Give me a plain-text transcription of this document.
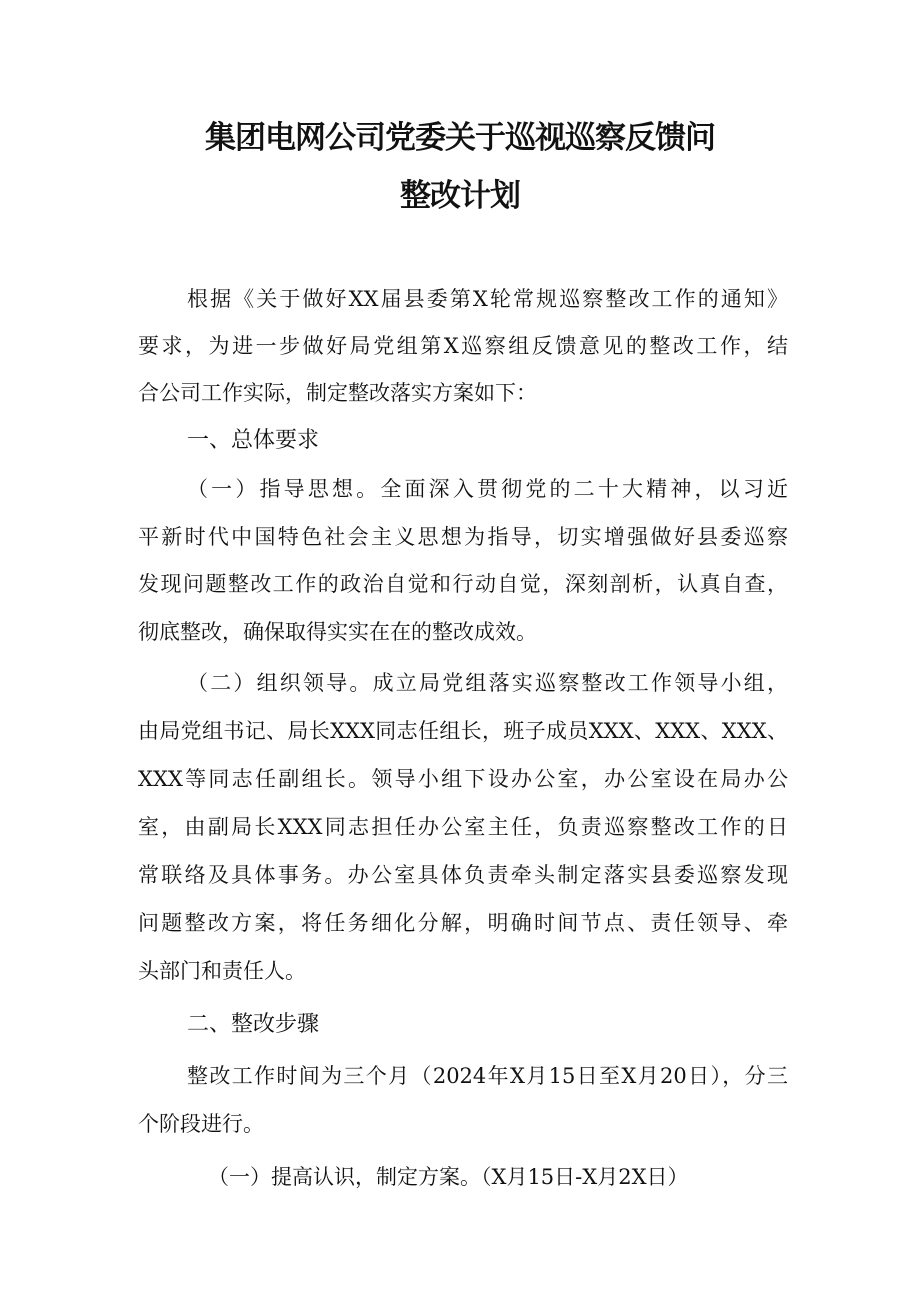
集团电网公司党委关于巡视巡察反馈问
整改计划

根据《关于做好XX届县委第X轮常规巡察整改工作的通知》

要求，为进一步做好局党组第X巡察组反馈意见的整改工作，结

合公司工作实际，制定整改落实方案如下：

一、总体要求

（一）指导思想。全面深入贯彻党的二十大精神，以习近

平新时代中国特色社会主义思想为指导，切实增强做好县委巡察

发现问题整改工作的政治自觉和行动自觉，深刻剖析，认真自查，

彻底整改，确保取得实实在在的整改成效。

（二）组织领导。成立局党组落实巡察整改工作领导小组，

由局党组书记、局长XXX同志任组长，班子成员XXX、XXX、XXX、

XXX等同志任副组长。领导小组下设办公室，办公室设在局办公

室，由副局长XXX同志担任办公室主任，负责巡察整改工作的日

常联络及具体事务。办公室具体负责牵头制定落实县委巡察发现

问题整改方案，将任务细化分解，明确时间节点、责任领导、牵

头部门和责任人。

二、整改步骤

整改工作时间为三个月（2024年X月15日至X月20日），分三

个阶段进行。

（一）提高认识，制定方案。（X月15日-X月2X日）
